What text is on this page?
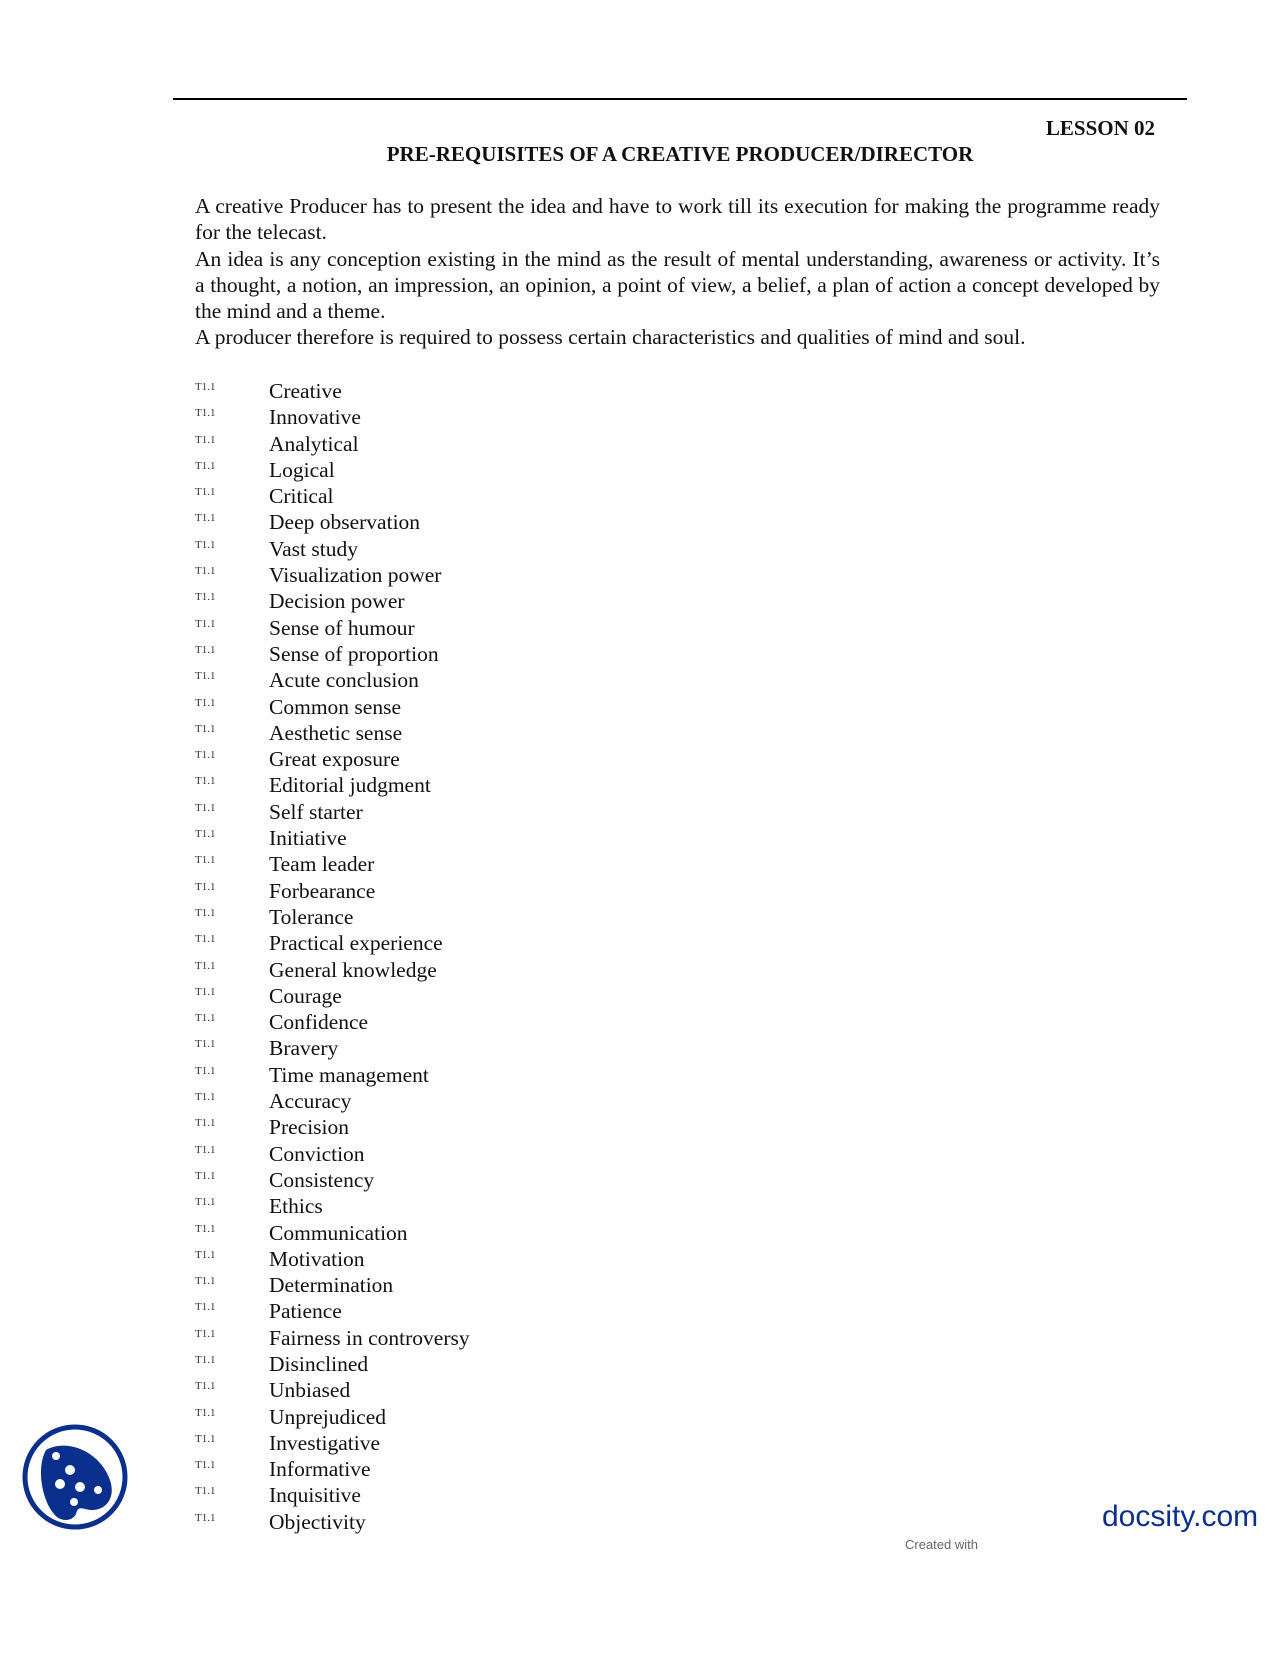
LESSON 02
PRE-REQUISITES OF A CREATIVE PRODUCER/DIRECTOR

A creative Producer has to present the idea and have to work till its execution for making the programme ready for the telecast.

An idea is any conception existing in the mind as the result of mental understanding, awareness or activity. It’s a thought, a notion, an impression, an opinion, a point of view, a belief, a plan of action a concept developed by the mind and a theme.

A producer therefore is required to possess certain characteristics and qualities of mind and soul.

T1.1 Creative
T1.1 Innovative
T1.1 Analytical
T1.1 Logical
T1.1 Critical
T1.1 Deep observation
T1.1 Vast study
T1.1 Visualization power
T1.1 Decision power
T1.1 Sense of humour
T1.1 Sense of proportion
T1.1 Acute conclusion
T1.1 Common sense
T1.1 Aesthetic sense
T1.1 Great exposure
T1.1 Editorial judgment
T1.1 Self starter
T1.1 Initiative
T1.1 Team leader
T1.1 Forbearance
T1.1 Tolerance
T1.1 Practical experience
T1.1 General knowledge
T1.1 Courage
T1.1 Confidence
T1.1 Bravery
T1.1 Time management
T1.1 Accuracy
T1.1 Precision
T1.1 Conviction
T1.1 Consistency
T1.1 Ethics
T1.1 Communication
T1.1 Motivation
T1.1 Determination
T1.1 Patience
T1.1 Fairness in controversy
T1.1 Disinclined
T1.1 Unbiased
T1.1 Unprejudiced
T1.1 Investigative
T1.1 Informative
T1.1 Inquisitive
T1.1 Objectivity	docsity.com
Created with
